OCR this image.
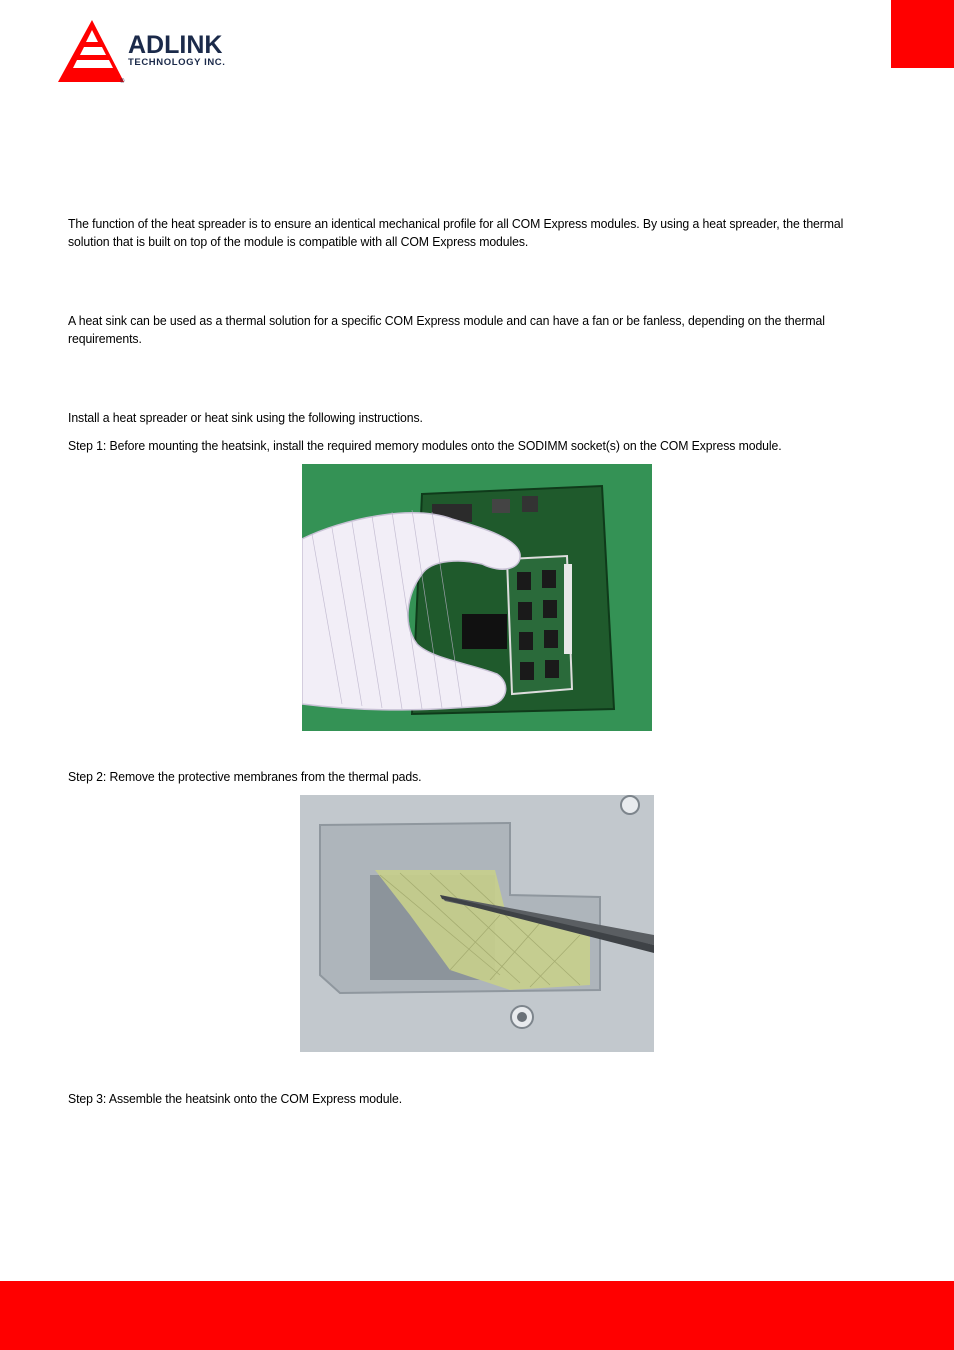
ADLINK
TECHNOLOGY INC.
®

The function of the heat spreader is to ensure an identical mechanical profile for all COM Express modules. By using a heat spreader, the thermal solution that is built on top of the module is compatible with all COM Express modules.

A heat sink can be used as a thermal solution for a specific COM Express module and can have a fan or be fanless, depending on the thermal requirements.

Install a heat spreader or heat sink using the following instructions.

Step 1: Before mounting the heatsink, install the required memory modules onto the SODIMM socket(s) on the COM Express module.

Step 2: Remove the protective membranes from the thermal pads.

Step 3: Assemble the heatsink onto the COM Express module.
